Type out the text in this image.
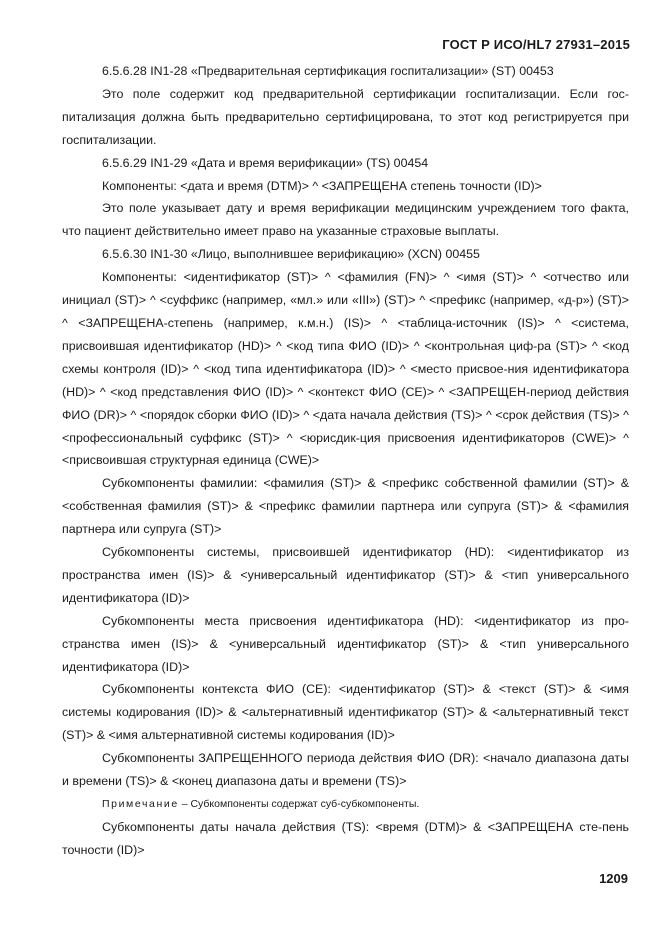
ГОСТ Р ИСО/HL7 27931–2015

6.5.6.28 IN1-28 «Предварительная сертификация госпитализации» (ST) 00453

Это поле содержит код предварительной сертификации госпитализации. Если гос-питализация должна быть предварительно сертифицирована, то этот код регистрируется при госпитализации.

6.5.6.29 IN1-29 «Дата и время верификации» (TS) 00454

Компоненты: <дата и время (DTM)> ^ <ЗАПРЕЩЕНА степень точности (ID)>

Это поле указывает дату и время верификации медицинским учреждением того факта, что пациент действительно имеет право на указанные страховые выплаты.

6.5.6.30 IN1-30 «Лицо, выполнившее верификацию» (XCN) 00455

Компоненты: <идентификатор (ST)> ^ <фамилия (FN)> ^ <имя (ST)> ^ <отчество или инициал (ST)> ^ <суффикс (например, «мл.» или «III») (ST)> ^ <префикс (например, «д-р») (ST)> ^ <ЗАПРЕЩЕНА-степень (например, к.м.н.) (IS)> ^ <таблица-источник (IS)> ^ <система, присвоившая идентификатор (HD)> ^ <код типа ФИО (ID)> ^ <контрольная циф-ра (ST)> ^ <код схемы контроля (ID)> ^ <код типа идентификатора (ID)> ^ <место присвое-ния идентификатора (HD)> ^ <код представления ФИО (ID)> ^ <контекст ФИО (CE)> ^ <ЗАПРЕЩЕН-период действия ФИО (DR)> ^ <порядок сборки ФИО (ID)> ^ <дата начала действия (TS)> ^ <срок действия (TS)> ^ <профессиональный суффикс (ST)> ^ <юрисдик-ция присвоения идентификаторов (CWE)> ^ <присвоившая структурная единица (CWE)>

Субкомпоненты фамилии: <фамилия (ST)> & <префикс собственной фамилии (ST)> & <собственная фамилия (ST)> & <префикс фамилии партнера или супруга (ST)> & <фамилия партнера или супруга (ST)>

Субкомпоненты системы, присвоившей идентификатор (HD): <идентификатор из пространства имен (IS)> & <универсальный идентификатор (ST)> & <тип универсального идентификатора (ID)>

Субкомпоненты места присвоения идентификатора (HD): <идентификатор из про-странства имен (IS)> & <универсальный идентификатор (ST)> & <тип универсального идентификатора (ID)>

Субкомпоненты контекста ФИО (CE): <идентификатор (ST)> & <текст (ST)> & <имя системы кодирования (ID)> & <альтернативный идентификатор (ST)> & <альтернативный текст (ST)> & <имя альтернативной системы кодирования (ID)>

Субкомпоненты ЗАПРЕЩЕННОГО периода действия ФИО (DR): <начало диапазона даты и времени (TS)> & <конец диапазона даты и времени (TS)>

Примечание – Субкомпоненты содержат суб-субкомпоненты.

Субкомпоненты даты начала действия (TS): <время (DTM)> & <ЗАПРЕЩЕНА сте-пень точности (ID)>

1209
